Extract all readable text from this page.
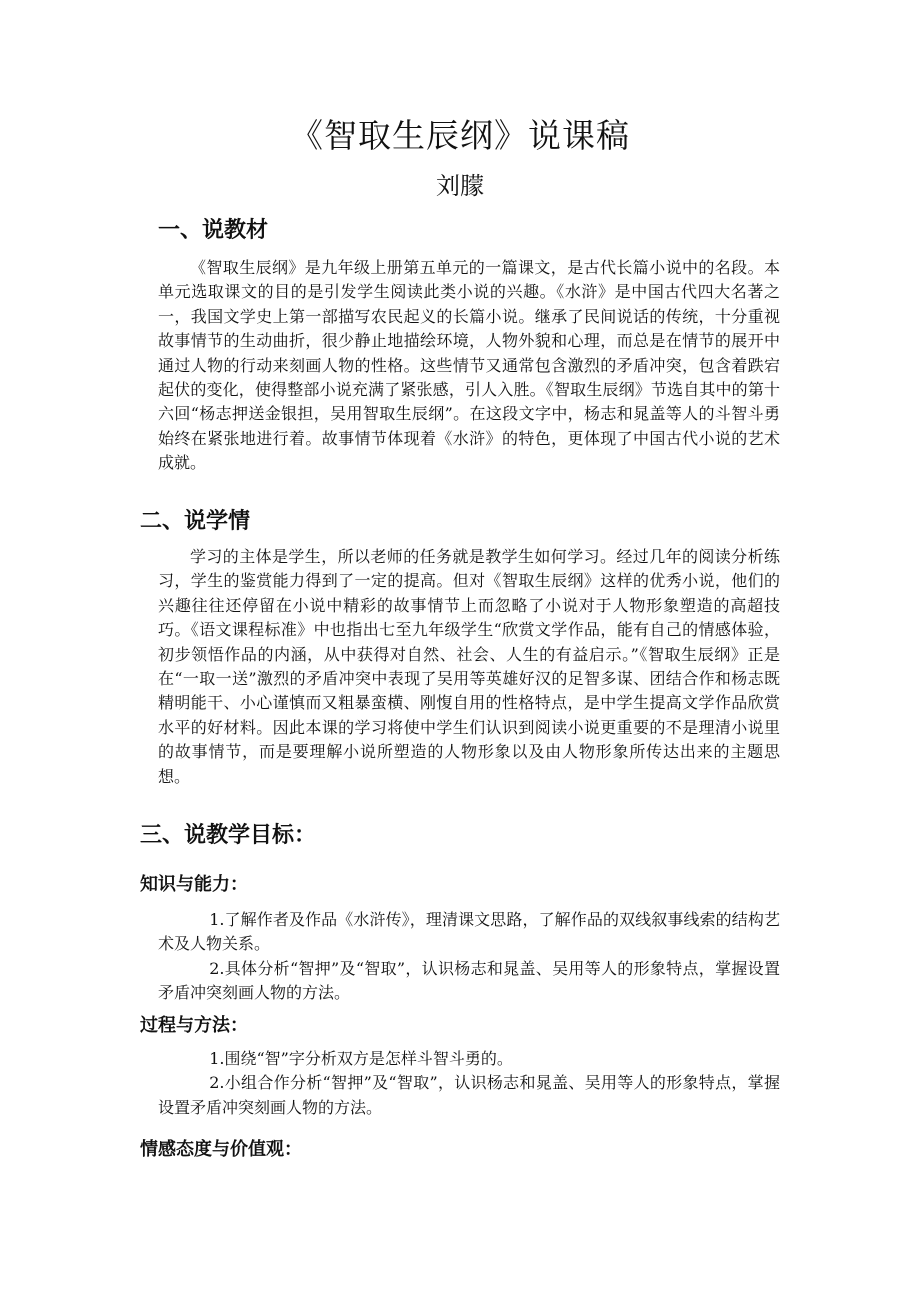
《智取生辰纲》说课稿
刘朦
一、说教材

《智取生辰纲》是九年级上册第五单元的一篇课文，是古代长篇小说中的名段。本单元选取课文的目的是引发学生阅读此类小说的兴趣。《水浒》是中国古代四大名著之一，我国文学史上第一部描写农民起义的长篇小说。继承了民间说话的传统，十分重视故事情节的生动曲折，很少静止地描绘环境，人物外貌和心理，而总是在情节的展开中通过人物的行动来刻画人物的性格。这些情节又通常包含激烈的矛盾冲突，包含着跌宕起伏的变化，使得整部小说充满了紧张感，引人入胜。《智取生辰纲》节选自其中的第十六回“杨志押送金银担，吴用智取生辰纲”。在这段文字中，杨志和晁盖等人的斗智斗勇始终在紧张地进行着。故事情节体现着《水浒》的特色，更体现了中国古代小说的艺术成就。

二、说学情

学习的主体是学生，所以老师的任务就是教学生如何学习。经过几年的阅读分析练习，学生的鉴赏能力得到了一定的提高。但对《智取生辰纲》这样的优秀小说，他们的兴趣往往还停留在小说中精彩的故事情节上而忽略了小说对于人物形象塑造的高超技巧。《语文课程标准》中也指出七至九年级学生“欣赏文学作品，能有自己的情感体验，初步领悟作品的内涵，从中获得对自然、社会、人生的有益启示。”《智取生辰纲》正是在“一取一送”激烈的矛盾冲突中表现了吴用等英雄好汉的足智多谋、团结合作和杨志既精明能干、小心谨慎而又粗暴蛮横、刚愎自用的性格特点，是中学生提高文学作品欣赏水平的好材料。因此本课的学习将使中学生们认识到阅读小说更重要的不是理清小说里的故事情节，而是要理解小说所塑造的人物形象以及由人物形象所传达出来的主题思想。

三、说教学目标：
知识与能力：

1.了解作者及作品《水浒传》，理清课文思路，了解作品的双线叙事线索的结构艺术及人物关系。

2.具体分析“智押”及“智取”，认识杨志和晁盖、吴用等人的形象特点，掌握设置矛盾冲突刻画人物的方法。

过程与方法：

1.围绕“智”字分析双方是怎样斗智斗勇的。

2.小组合作分析“智押”及“智取”，认识杨志和晁盖、吴用等人的形象特点，掌握设置矛盾冲突刻画人物的方法。

情感态度与价值观：
